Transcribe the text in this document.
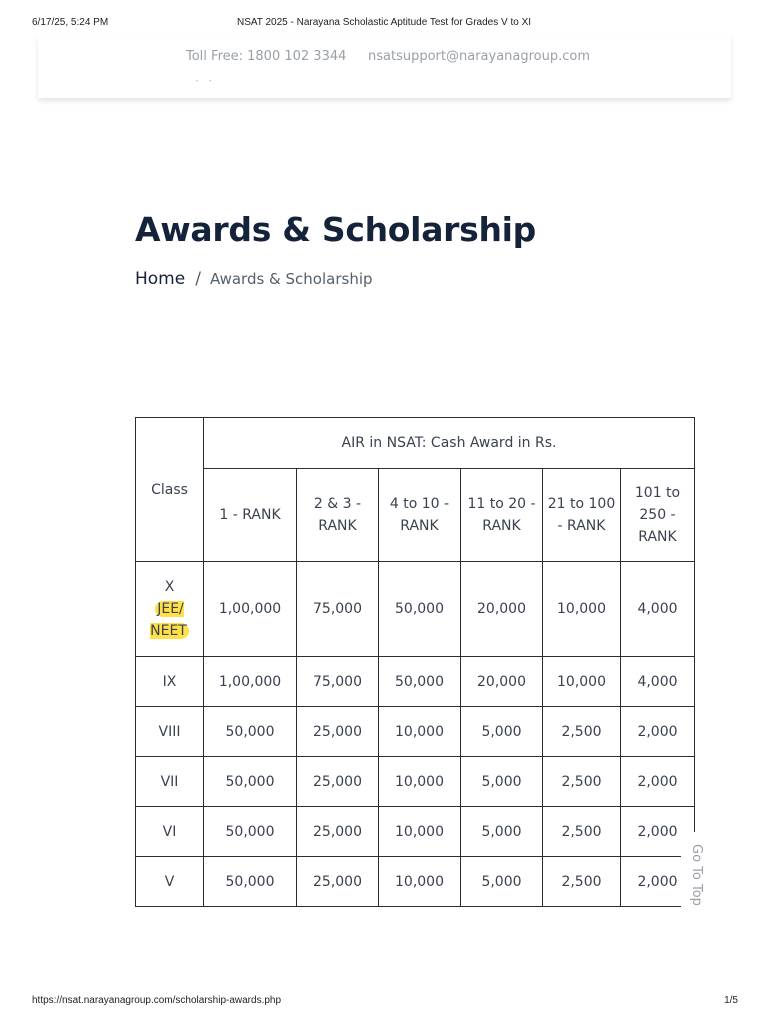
6/17/25, 5:24 PM	NSAT 2025 - Narayana Scholastic Aptitude Test for Grades V to XI
Toll Free: 1800 102 3344 nsatsupport@narayanagroup.com
• •
Awards & Scholarship
Home / Awards & Scholarship
Class	AIR in NSAT: Cash Award in Rs.					
	1 - RANK	2 & 3 - RANK	4 to 10 - RANK	11 to 20 - RANK	21 to 100 - RANK	101 to 250 - RANK

X
JEE/
NEET	1,00,000	75,000	50,000	20,000	10,000	4,000
IX	1,00,000	75,000	50,000	20,000	10,000	4,000
VIII	50,000	25,000	10,000	5,000	2,500	2,000
VII	50,000	25,000	10,000	5,000	2,500	2,000
VI	50,000	25,000	10,000	5,000	2,500	2,000
V	50,000	25,000	10,000	5,000	2,500	2,000 Go To Top
https://nsat.narayanagroup.com/scholarship-awards.php	1/5
